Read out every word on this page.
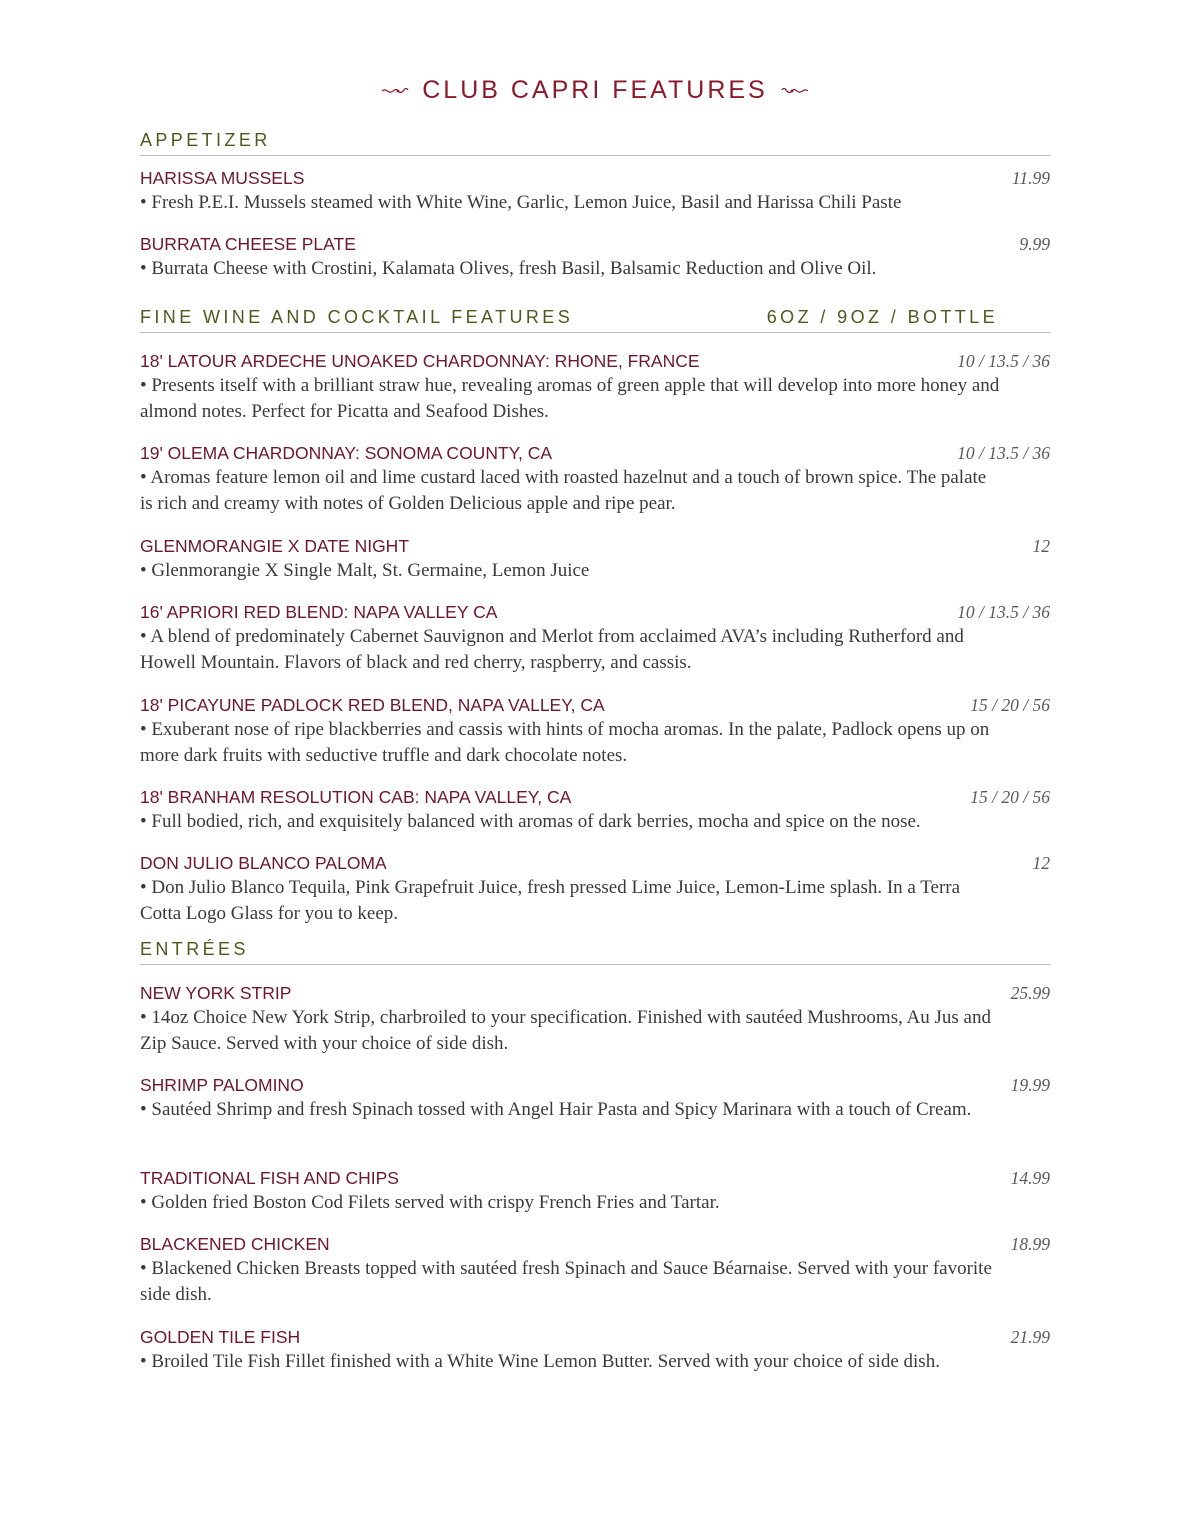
CLUB CAPRI FEATURES
APPETIZER
HARISSA MUSSELS	11.99
• Fresh P.E.I. Mussels steamed with White Wine, Garlic, Lemon Juice, Basil and Harissa Chili Paste
BURRATA CHEESE PLATE	9.99
• Burrata Cheese with Crostini, Kalamata Olives, fresh Basil, Balsamic Reduction and Olive Oil.
FINE WINE AND COCKTAIL FEATURES	6OZ / 9OZ / BOTTLE
18' LATOUR ARDECHE UNOAKED CHARDONNAY: RHONE, FRANCE	10 / 13.5 / 36
• Presents itself with a brilliant straw hue, revealing aromas of green apple that will develop into more honey and almond notes. Perfect for Picatta and Seafood Dishes.
19' OLEMA CHARDONNAY: SONOMA COUNTY, CA	10 / 13.5 / 36
• Aromas feature lemon oil and lime custard laced with roasted hazelnut and a touch of brown spice. The palate is rich and creamy with notes of Golden Delicious apple and ripe pear.
GLENMORANGIE X DATE NIGHT	12
• Glenmorangie X Single Malt, St. Germaine, Lemon Juice
16' APRIORI RED BLEND: NAPA VALLEY CA	10 / 13.5 / 36
• A blend of predominately Cabernet Sauvignon and Merlot from acclaimed AVA’s including Rutherford and Howell Mountain. Flavors of black and red cherry, raspberry, and cassis.
18' PICAYUNE PADLOCK RED BLEND, NAPA VALLEY, CA	15 / 20 / 56
• Exuberant nose of ripe blackberries and cassis with hints of mocha aromas. In the palate, Padlock opens up on more dark fruits with seductive truffle and dark chocolate notes.
18' BRANHAM RESOLUTION CAB: NAPA VALLEY, CA	15 / 20 / 56
• Full bodied, rich, and exquisitely balanced with aromas of dark berries, mocha and spice on the nose.
DON JULIO BLANCO PALOMA	12
• Don Julio Blanco Tequila, Pink Grapefruit Juice, fresh pressed Lime Juice, Lemon-Lime splash. In a Terra Cotta Logo Glass for you to keep.
ENTRÉES
NEW YORK STRIP	25.99
• 14oz Choice New York Strip, charbroiled to your specification. Finished with sautéed Mushrooms, Au Jus and Zip Sauce. Served with your choice of side dish.
SHRIMP PALOMINO	19.99
• Sautéed Shrimp and fresh Spinach tossed with Angel Hair Pasta and Spicy Marinara with a touch of Cream.
TRADITIONAL FISH AND CHIPS	14.99
• Golden fried Boston Cod Filets served with crispy French Fries and Tartar.
BLACKENED CHICKEN	18.99
• Blackened Chicken Breasts topped with sautéed fresh Spinach and Sauce Béarnaise. Served with your favorite side dish.
GOLDEN TILE FISH	21.99
• Broiled Tile Fish Fillet finished with a White Wine Lemon Butter. Served with your choice of side dish.
